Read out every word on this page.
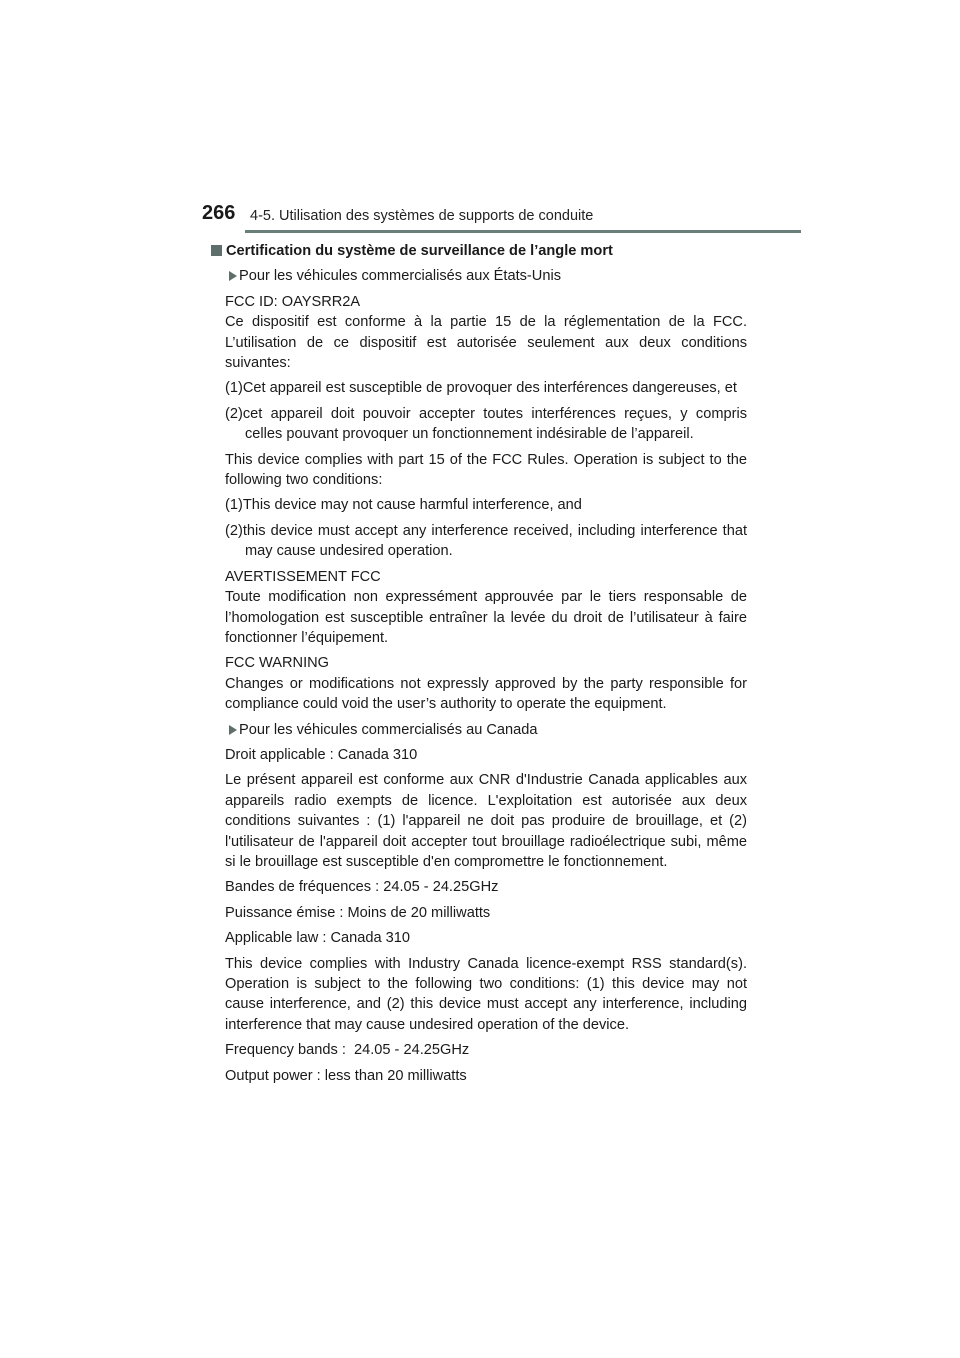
266 4-5. Utilisation des systèmes de supports de conduite
Certification du système de surveillance de l’angle mort

Pour les véhicules commercialisés aux États-Unis

FCC ID: OAYSRR2A
Ce dispositif est conforme à la partie 15 de la réglementation de la FCC. L’utilisation de ce dispositif est autorisée seulement aux deux conditions suivantes:

(1)Cet appareil est susceptible de provoquer des interférences dangereuses, et

(2)cet appareil doit pouvoir accepter toutes interférences reçues, y compris celles pouvant provoquer un fonctionnement indésirable de l’appareil.

This device complies with part 15 of the FCC Rules. Operation is subject to the following two conditions:

(1)This device may not cause harmful interference, and

(2)this device must accept any interference received, including interference that may cause undesired operation.

AVERTISSEMENT FCC
Toute modification non expressément approuvée par le tiers responsable de l’homologation est susceptible entraîner la levée du droit de l’utilisateur à faire fonctionner l’équipement.

FCC WARNING
Changes or modifications not expressly approved by the party responsible for compliance could void the user’s authority to operate the equipment.

Pour les véhicules commercialisés au Canada

Droit applicable : Canada 310

Le présent appareil est conforme aux CNR d'Industrie Canada applicables aux appareils radio exempts de licence. L'exploitation est autorisée aux deux conditions suivantes : (1) l'appareil ne doit pas produire de brouillage, et (2) l'utilisateur de l'appareil doit accepter tout brouillage radioélectrique subi, même si le brouillage est susceptible d'en compromettre le fonctionnement.

Bandes de fréquences : 24.05 - 24.25GHz

Puissance émise : Moins de 20 milliwatts

Applicable law : Canada 310

This device complies with Industry Canada licence-exempt RSS standard(s). Operation is subject to the following two conditions: (1) this device may not cause interference, and (2) this device must accept any interference, including interference that may cause undesired operation of the device.

Frequency bands :  24.05 - 24.25GHz

Output power : less than 20 milliwatts
